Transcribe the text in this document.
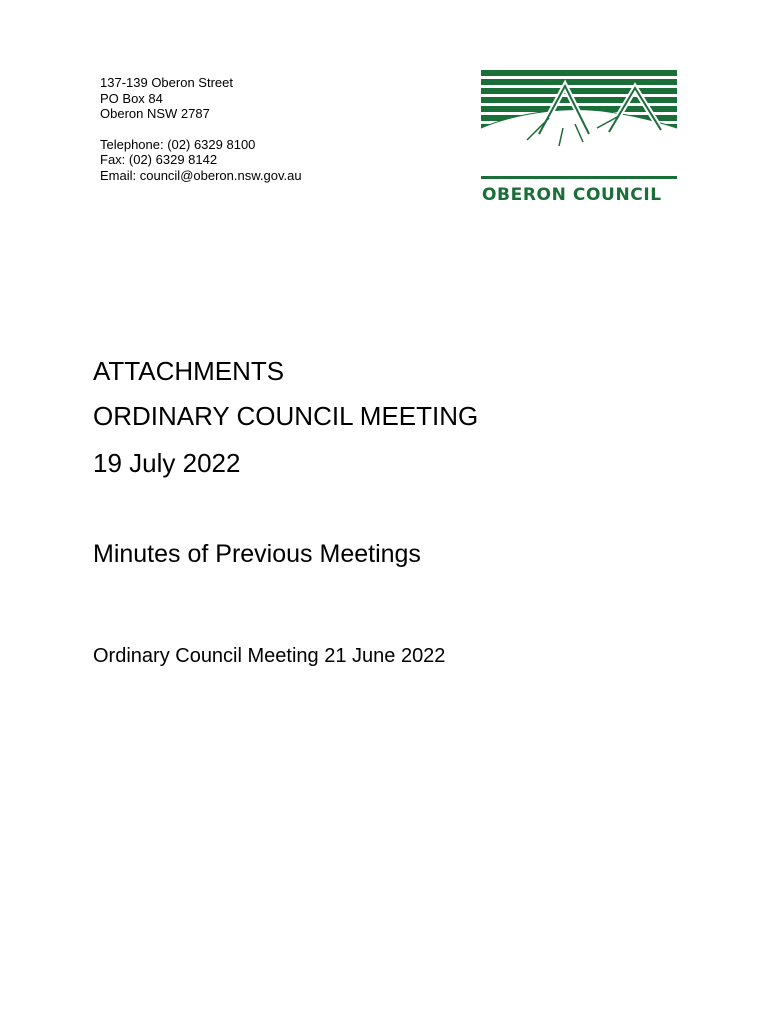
137-139 Oberon Street
PO Box 84
Oberon NSW 2787
Telephone: (02) 6329 8100
Fax: (02) 6329 8142
Email: council@oberon.nsw.gov.au
OBERON COUNCIL
ATTACHMENTS
ORDINARY COUNCIL MEETING
19 July 2022
Minutes of Previous Meetings
Ordinary Council Meeting 21 June 2022
